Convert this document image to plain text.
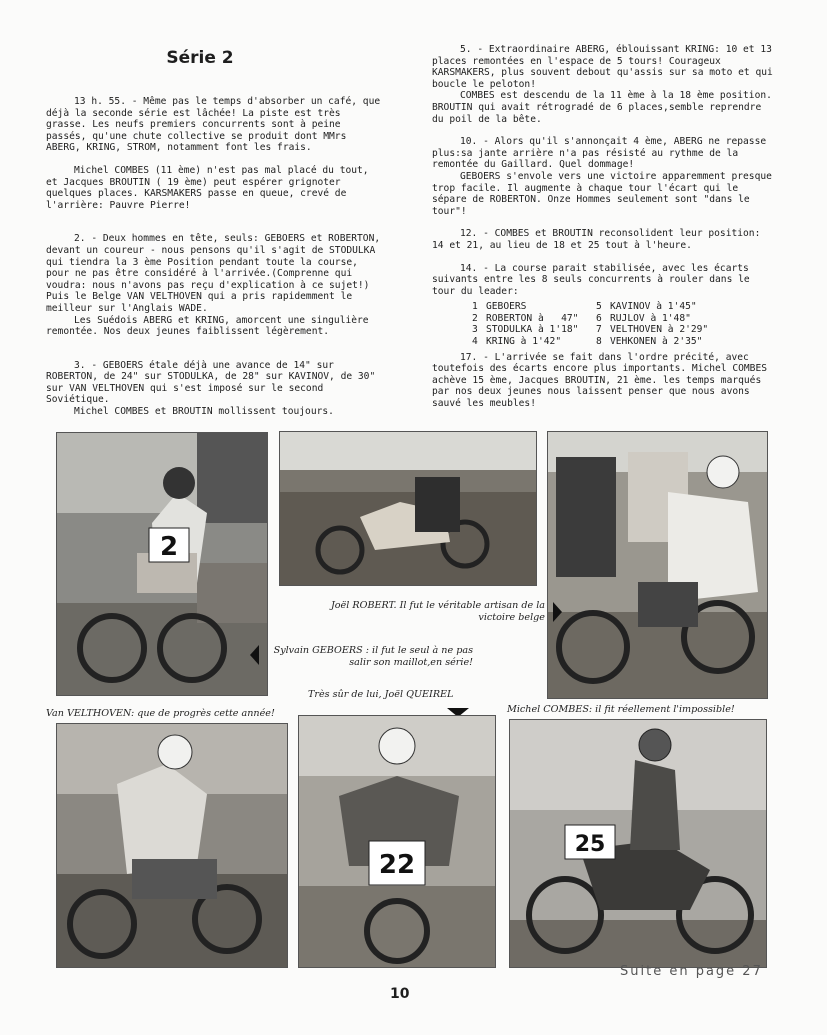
Série 2

13 h. 55. - Même pas le temps d'absorber un café, que déjà la seconde série est lâchée! La piste est très grasse. Les neufs premiers concurrents sont à peine passés, qu'une chute collective se produit dont MMrs ABERG, KRING, STROM, notamment font les frais.

Michel COMBES (11 ème) n'est pas mal placé du tout, et Jacques BROUTIN ( 19 ème) peut espérer grignoter quelques places. KARSMAKERS passe en queue, crevé de l'arrière: Pauvre Pierre!

2. - Deux hommes en tête, seuls: GEBOERS et ROBERTON, devant un coureur - nous pensons qu'il s'agit de STODULKA qui tiendra la 3 ème Position pendant toute la course, pour ne pas être considéré à l'arrivée.(Comprenne qui voudra: nous n'avons pas reçu d'explication à ce sujet!) Puis le Belge VAN VELTHOVEN qui a pris rapidemment le meilleur sur l'Anglais WADE.

Les Suédois ABERG et KRING, amorcent une singulière remontée. Nos deux jeunes faiblissent légèrement.

3. - GEBOERS étale déjà une avance de 14" sur ROBERTON, de 24" sur STODULKA, de 28" sur KAVINOV, de 30" sur VAN VELTHOVEN qui s'est imposé sur le second Soviétique.

Michel COMBES et BROUTIN mollissent toujours.

5. - Extraordinaire ABERG, éblouissant KRING: 10 et 13 places remontées en l'espace de 5 tours! Courageux KARSMAKERS, plus souvent debout qu'assis sur sa moto et qui boucle le peloton!

COMBES est descendu de la 11 ème à la 18 ème position. BROUTIN qui avait rétrogradé de 6 places,semble reprendre du poil de la bête.

10. - Alors qu'il s'annonçait 4 ème, ABERG ne repasse plus:sa jante arrière n'a pas résisté au rythme de la remontée du Gaillard. Quel dommage!

GEBOERS s'envole vers une victoire apparemment presque trop facile. Il augmente à chaque tour l'écart qui le sépare de ROBERTON. Onze Hommes seulement sont "dans le tour"!

12. - COMBES et BROUTIN reconsolident leur position: 14 et 21, au lieu de 18 et 25 tout à l'heure.

14. - La course parait stabilisée, avec les écarts suivants entre les 8 seuls concurrents à rouler dans le tour du leader:

1 GEBOERS	5 KAVINOV à 1'45"
2 ROBERTON à   47"	6 RUJLOV à 1'48"
3 STODULKA à 1'18"	7 VELTHOVEN à 2'29"
4 KRING à 1'42"	8 VEHKONEN à 2'35"

17. - L'arrivée se fait dans l'ordre précité, avec toutefois des écarts encore plus importants. Michel COMBES achève 15 ème, Jacques BROUTIN, 21 ème. les temps marqués par nos deux jeunes nous laissent penser que nous avons sauvé les meubles!

2
Joël ROBERT. Il fut le véritable artisan de la victoire belge
Sylvain GEBOERS : il fut le seul à ne pas salir son maillot,en série!
Très sûr de lui, Joël QUEIREL
Van VELTHOVEN: que de progrès cette année!	Michel COMBES: il fit réellement l'impossible!
22
25
Suite en page 27
10
